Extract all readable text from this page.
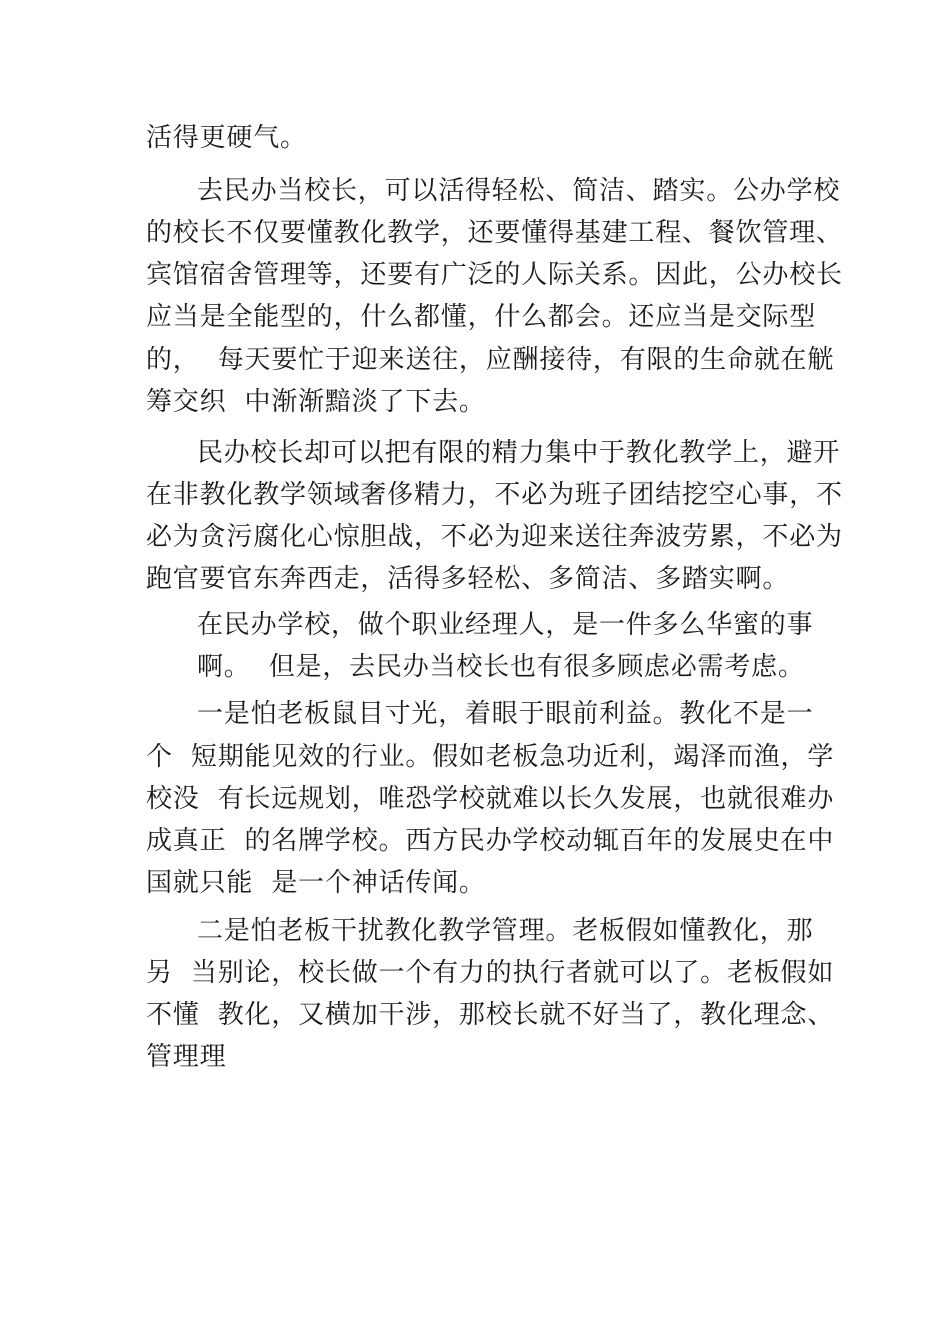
活得更硬气。

去民办当校长，可以活得轻松、简洁、踏实。公办学校

的校长不仅要懂教化教学，还要懂得基建工程、餐饮管理、

宾馆宿舍管理等，还要有广泛的人际关系。因此，公办校长

应当是全能型的，什么都懂，什么都会。还应当是交际型

的，  每天要忙于迎来送往，应酬接待，有限的生命就在觥

筹交织  中渐渐黯淡了下去。

民办校长却可以把有限的精力集中于教化教学上，避开

在非教化教学领域奢侈精力，不必为班子团结挖空心事，不

必为贪污腐化心惊胆战，不必为迎来送往奔波劳累，不必为

跑官要官东奔西走，活得多轻松、多简洁、多踏实啊。

在民办学校，做个职业经理人，是一件多么华蜜的事

啊。  但是，去民办当校长也有很多顾虑必需考虑。

一是怕老板鼠目寸光，着眼于眼前利益。教化不是一

个  短期能见效的行业。假如老板急功近利，竭泽而渔，学

校没  有长远规划，唯恐学校就难以长久发展，也就很难办

成真正  的名牌学校。西方民办学校动辄百年的发展史在中

国就只能  是一个神话传闻。

二是怕老板干扰教化教学管理。老板假如懂教化，那

另  当别论，校长做一个有力的执行者就可以了。老板假如

不懂  教化，又横加干涉，那校长就不好当了，教化理念、

管理理
